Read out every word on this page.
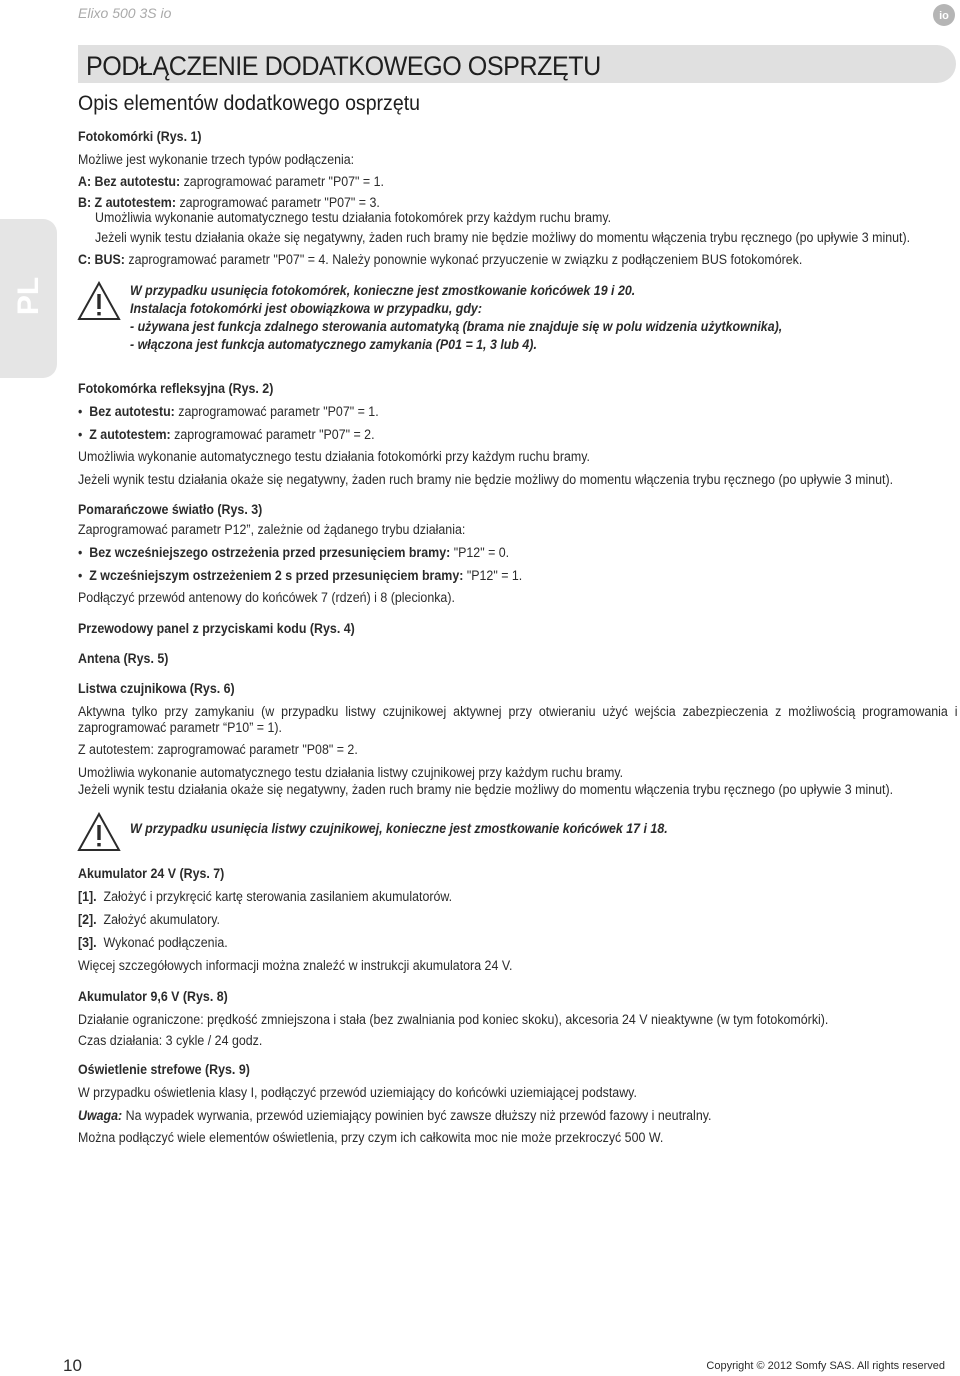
Elixo 500 3S io	io
PODŁĄCZENIE DODATKOWEGO OSPRZĘTU
Opis elementów dodatkowego osprzętu
PL
Fotokomórki (Rys. 1)
Możliwe jest wykonanie trzech typów podłączenia:
A: Bez autotestu: zaprogramować parametr "P07" = 1.
B: Z autotestem: zaprogramować parametr "P07" = 3.
Umożliwia wykonanie automatycznego testu działania fotokomórek przy każdym ruchu bramy.
Jeżeli wynik testu działania okaże się negatywny, żaden ruch bramy nie będzie możliwy do momentu włączenia trybu ręcznego (po upływie 3 minut).
C: BUS: zaprogramować parametr "P07" = 4. Należy ponownie wykonać przyuczenie w związku z podłączeniem BUS fotokomórek.
W przypadku usunięcia fotokomórek, konieczne jest zmostkowanie końcówek 19 i 20.
Instalacja fotokomórki jest obowiązkowa w przypadku, gdy:
- używana jest funkcja zdalnego sterowania automatyką (brama nie znajduje się w polu widzenia użytkownika),
- włączona jest funkcja automatycznego zamykania (P01 = 1, 3 lub 4).
Fotokomórka refleksyjna (Rys. 2)
•  Bez autotestu: zaprogramować parametr "P07" = 1.
•  Z autotestem: zaprogramować parametr "P07" = 2.
Umożliwia wykonanie automatycznego testu działania fotokomórki przy każdym ruchu bramy.
Jeżeli wynik testu działania okaże się negatywny, żaden ruch bramy nie będzie możliwy do momentu włączenia trybu ręcznego (po upływie 3 minut).
Pomarańczowe światło (Rys. 3)
Zaprogramować parametr P12”, zależnie od żądanego trybu działania:
•  Bez wcześniejszego ostrzeżenia przed przesunięciem bramy: "P12" = 0.
•  Z wcześniejszym ostrzeżeniem 2 s przed przesunięciem bramy: "P12" = 1.
Podłączyć przewód antenowy do końcówek 7 (rdzeń) i 8 (plecionka).
Przewodowy panel z przyciskami kodu (Rys. 4)
Antena (Rys. 5)
Listwa czujnikowa (Rys. 6)
Aktywna tylko przy zamykaniu (w przypadku listwy czujnikowej aktywnej przy otwieraniu użyć wejścia zabezpieczenia z możliwością programowania i zaprogramować parametr “P10” = 1).
Z autotestem: zaprogramować parametr "P08" = 2.
Umożliwia wykonanie automatycznego testu działania listwy czujnikowej przy każdym ruchu bramy.
Jeżeli wynik testu działania okaże się negatywny, żaden ruch bramy nie będzie możliwy do momentu włączenia trybu ręcznego (po upływie 3 minut).
W przypadku usunięcia listwy czujnikowej, konieczne jest zmostkowanie końcówek 17 i 18.
Akumulator 24 V (Rys. 7)
[1]. Założyć i przykręcić kartę sterowania zasilaniem akumulatorów.
[2]. Założyć akumulatory.
[3]. Wykonać podłączenia.
Więcej szczegółowych informacji można znaleźć w instrukcji akumulatora 24 V.
Akumulator 9,6 V (Rys. 8)
Działanie ograniczone: prędkość zmniejszona i stała (bez zwalniania pod koniec skoku), akcesoria 24 V nieaktywne (w tym fotokomórki).
Czas działania: 3 cykle / 24 godz.
Oświetlenie strefowe (Rys. 9)
W przypadku oświetlenia klasy I, podłączyć przewód uziemiający do końcówki uziemiającej podstawy.
Uwaga: Na wypadek wyrwania, przewód uziemiający powinien być zawsze dłuższy niż przewód fazowy i neutralny.
Można podłączyć wiele elementów oświetlenia, przy czym ich całkowita moc nie może przekroczyć 500 W.
10	Copyright © 2012 Somfy SAS. All rights reserved
